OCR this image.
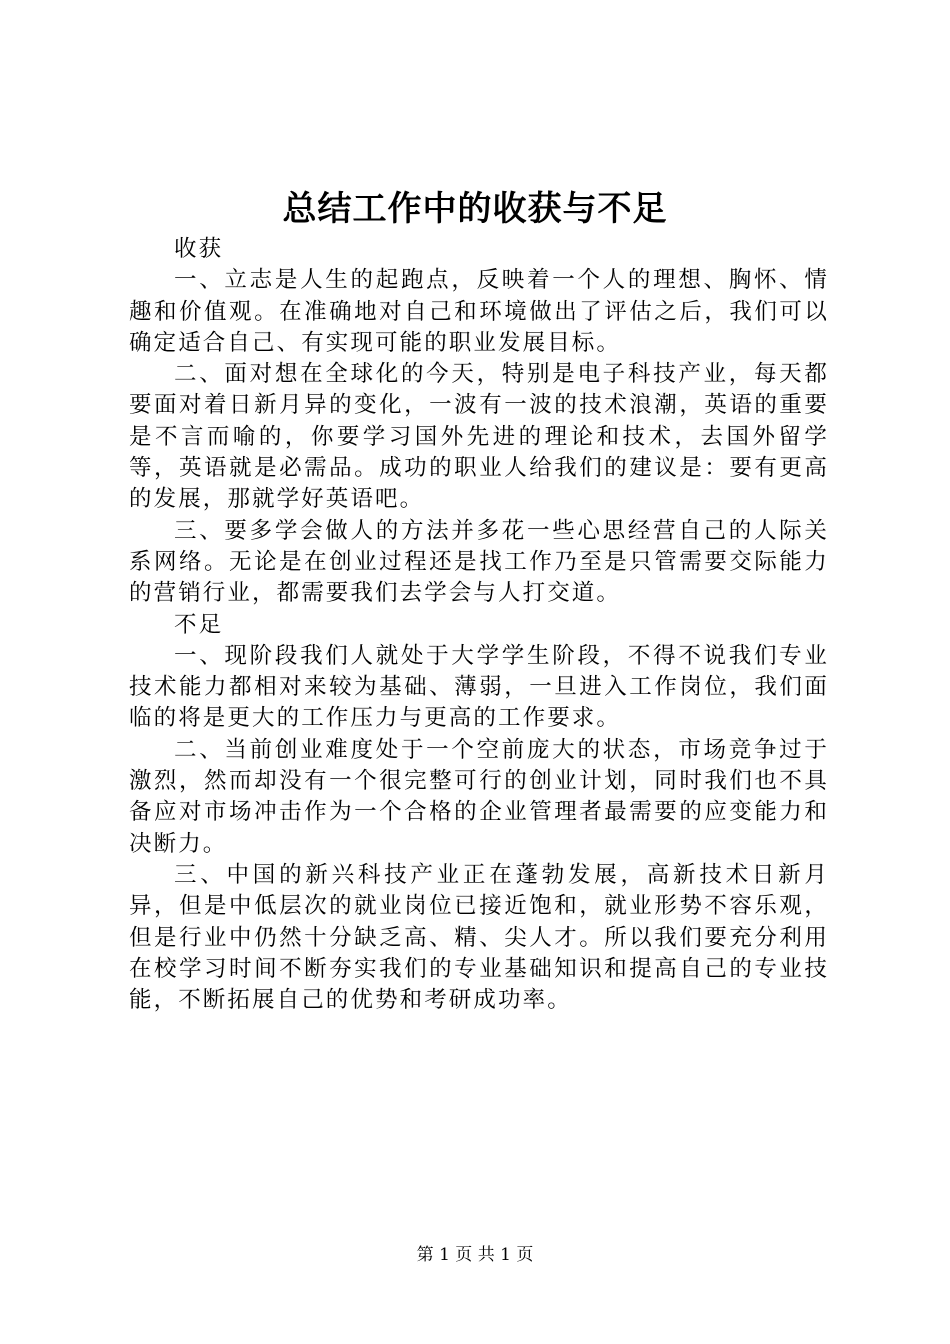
总结工作中的收获与不足

收获

一、立志是人生的起跑点，反映着一个人的理想、胸怀、情趣和价值观。在准确地对自己和环境做出了评估之后，我们可以确定适合自己、有实现可能的职业发展目标。

二、面对想在全球化的今天，特别是电子科技产业，每天都要面对着日新月异的变化，一波有一波的技术浪潮，英语的重要是不言而喻的，你要学习国外先进的理论和技术，去国外留学等，英语就是必需品。成功的职业人给我们的建议是：要有更高的发展，那就学好英语吧。

三、要多学会做人的方法并多花一些心思经营自己的人际关系网络。无论是在创业过程还是找工作乃至是只管需要交际能力的营销行业，都需要我们去学会与人打交道。

不足

一、现阶段我们人就处于大学学生阶段，不得不说我们专业技术能力都相对来较为基础、薄弱，一旦进入工作岗位，我们面临的将是更大的工作压力与更高的工作要求。

二、当前创业难度处于一个空前庞大的状态，市场竞争过于激烈，然而却没有一个很完整可行的创业计划，同时我们也不具备应对市场冲击作为一个合格的企业管理者最需要的应变能力和决断力。

三、中国的新兴科技产业正在蓬勃发展，高新技术日新月异，但是中低层次的就业岗位已接近饱和，就业形势不容乐观，但是行业中仍然十分缺乏高、精、尖人才。所以我们要充分利用在校学习时间不断夯实我们的专业基础知识和提高自己的专业技能，不断拓展自己的优势和考研成功率。

第 1 页 共 1 页
